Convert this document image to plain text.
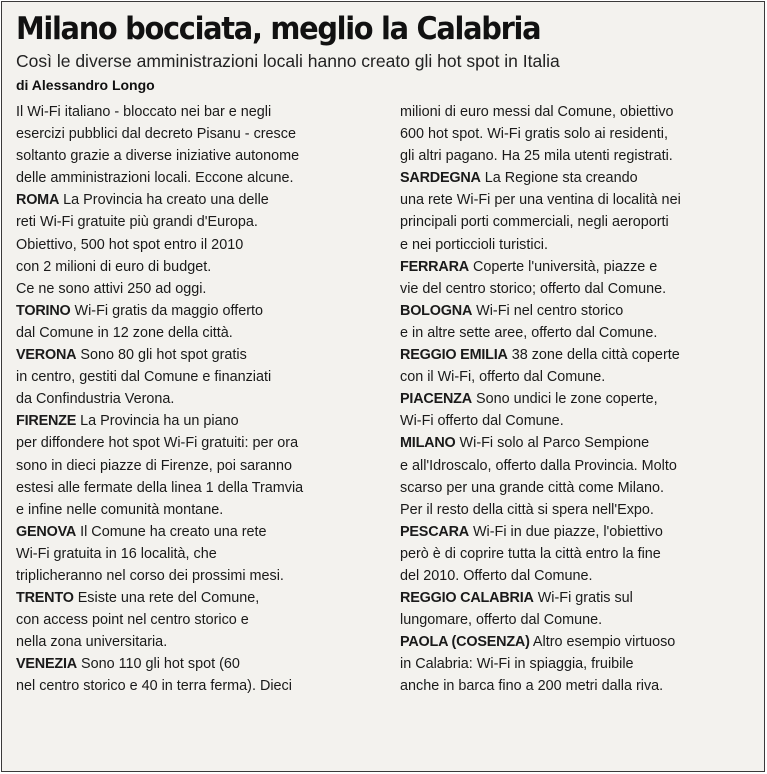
Milano bocciata, meglio la Calabria
Così le diverse amministrazioni locali hanno creato gli hot spot in Italia
di Alessandro Longo
Il Wi-Fi italiano - bloccato nei bar e negli
esercizi pubblici dal decreto Pisanu - cresce
soltanto grazie a diverse iniziative autonome
delle amministrazioni locali. Eccone alcune.
ROMA La Provincia ha creato una delle
reti Wi-Fi gratuite più grandi d'Europa.
Obiettivo, 500 hot spot entro il 2010
con 2 milioni di euro di budget.
Ce ne sono attivi 250 ad oggi.
TORINO Wi-Fi gratis da maggio offerto
dal Comune in 12 zone della città.
VERONA Sono 80 gli hot spot gratis
in centro, gestiti dal Comune e finanziati
da Confindustria Verona.
FIRENZE La Provincia ha un piano
per diffondere hot spot Wi-Fi gratuiti: per ora
sono in dieci piazze di Firenze, poi saranno
estesi alle fermate della linea 1 della Tramvia
e infine nelle comunità montane.
GENOVA Il Comune ha creato una rete
Wi-Fi gratuita in 16 località, che
triplicheranno nel corso dei prossimi mesi.
TRENTO Esiste una rete del Comune,
con access point nel centro storico e
nella zona universitaria.
VENEZIA Sono 110 gli hot spot (60
nel centro storico e 40 in terra ferma). Dieci
milioni di euro messi dal Comune, obiettivo
600 hot spot. Wi-Fi gratis solo ai residenti,
gli altri pagano. Ha 25 mila utenti registrati.
SARDEGNA La Regione sta creando
una rete Wi-Fi per una ventina di località nei
principali porti commerciali, negli aeroporti
e nei porticcioli turistici.
FERRARA Coperte l'università, piazze e
vie del centro storico; offerto dal Comune.
BOLOGNA Wi-Fi nel centro storico
e in altre sette aree, offerto dal Comune.
REGGIO EMILIA 38 zone della città coperte
con il Wi-Fi, offerto dal Comune.
PIACENZA Sono undici le zone coperte,
Wi-Fi offerto dal Comune.
MILANO Wi-Fi solo al Parco Sempione
e all'Idroscalo, offerto dalla Provincia. Molto
scarso per una grande città come Milano.
Per il resto della città si spera nell'Expo.
PESCARA Wi-Fi in due piazze, l'obiettivo
però è di coprire tutta la città entro la fine
del 2010. Offerto dal Comune.
REGGIO CALABRIA Wi-Fi gratis sul
lungomare, offerto dal Comune.
PAOLA (COSENZA) Altro esempio virtuoso
in Calabria: Wi-Fi in spiaggia, fruibile
anche in barca fino a 200 metri dalla riva.
